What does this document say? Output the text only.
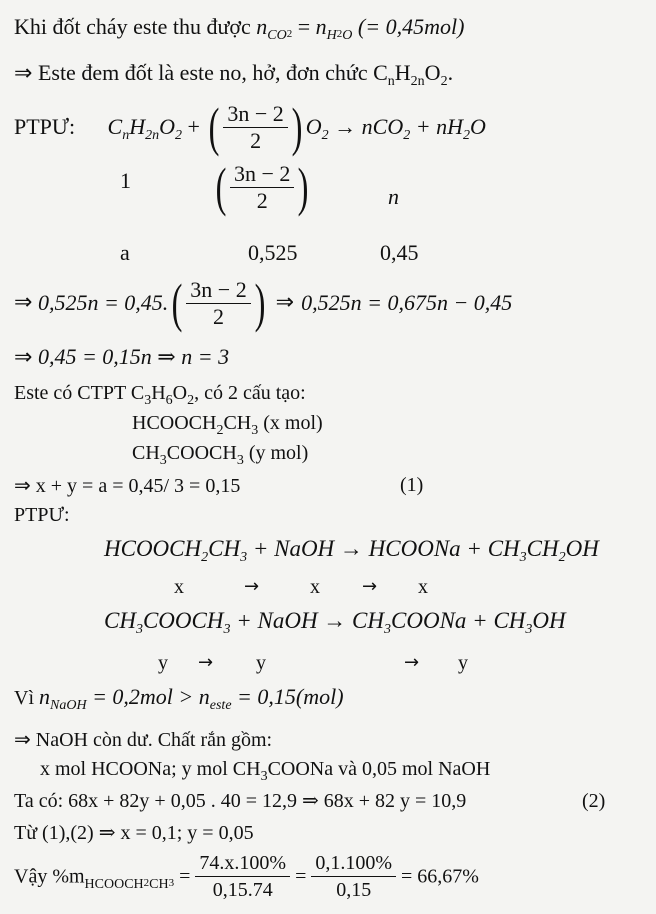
Khi đốt cháy este thu được $n_{CO}2 = n_H2_O$ (= 0,45mol)
⇒ Este đem đốt là este no, hở, đơn chức $C_nH_{2n}O_2$.
PTPƯ: $C_nH_{2n}O_2$ + ( $\frac{3n - 2}{2}$ ) $O_2 \to nCO_2 + nH_2O$
1 ( $\frac{3n - 2}{2}$ )	n
a	0,525	0,45
⇒ $0,525n = 0,45.( \frac{3n - 2}{2}$ ) ⇒ 0,525n = 0,675n − 0,45
⇒ 0,45 = 0,15n ⇒ n = 3
Este có CTPT $C_3H_6O_2$, có 2 cấu tạo:
$HCOOCH_2CH_3$ (x mol)
$CH_3COOCH_3$ (y mol)
⇒ x + y = a = 0,45/ 3 = 0,15	(1)
PTPƯ:
$HCOOCH_2CH_3$ + NaOH → HCOONa + $CH_3CH_2OH$
x	→	x → x
$CH_3COOCH_3$ + NaOH → $CH_3COONa + CH_3OH$
y → y	→ y
Vì $n_{NaOH} = 0,2mol > n_{este} = 0,15(mol)$
⇒ NaOH còn dư. Chất rắn gồm:
x mol HCOONa; y mol $CH_3COONa$ và 0,05 mol NaOH
Ta có: 68x + 82y + 0,05 . 40 = 12,9 ⇒ 68x + 82 y = 10,9	(2)
Từ (1),(2) ⇒ x = 0,1; y = 0,05
Vậy $\%m_{HCOOCH}2_{CH}3 = \frac{74.x.100\%}{0,15.74} = \frac{0,1.100\%}{0,15} = 66,67\%$
